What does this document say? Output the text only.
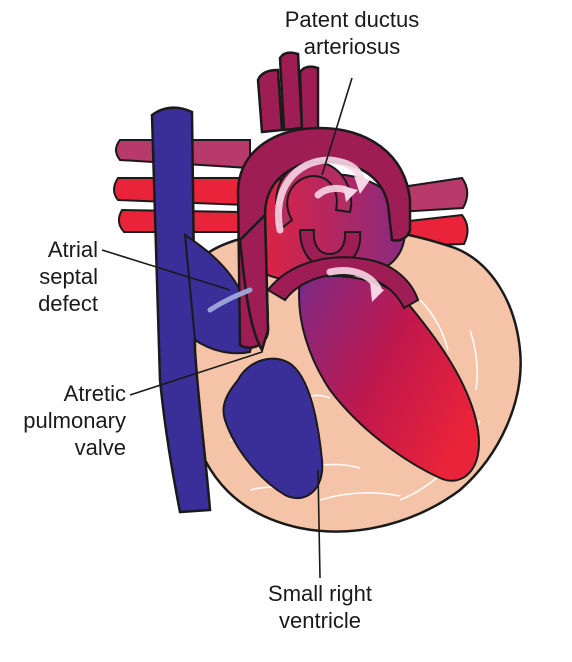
Patent ductus
arteriosus
Atrial
septal
defect
Atretic
pulmonary
valve
Small right
ventricle
